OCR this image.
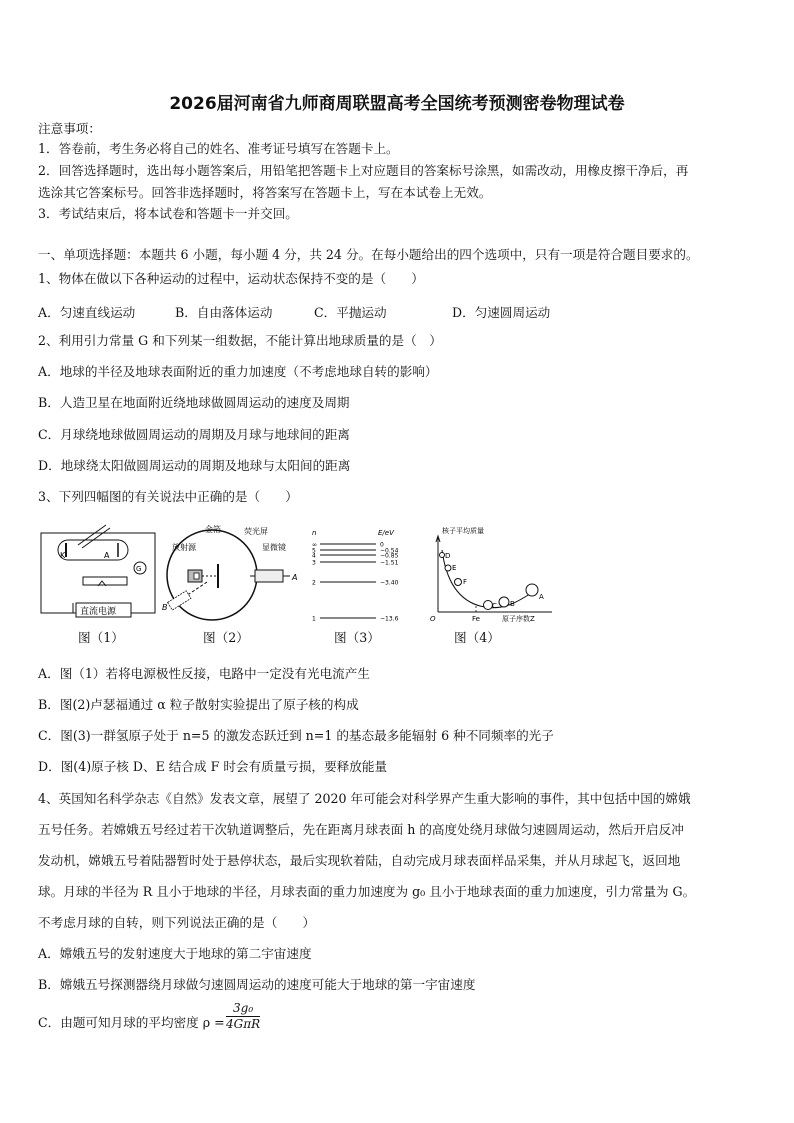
2026届河南省九师商周联盟高考全国统考预测密卷物理试卷
注意事项：
1．答卷前，考生务必将自己的姓名、准考证号填写在答题卡上。
2．回答选择题时，选出每小题答案后，用铅笔把答题卡上对应题目的答案标号涂黑，如需改动，用橡皮擦干净后，再
选涂其它答案标号。回答非选择题时，将答案写在答题卡上，写在本试卷上无效。
3．考试结束后，将本试卷和答题卡一并交回。
一、单项选择题：本题共 6 小题，每小题 4 分，共 24 分。在每小题给出的四个选项中，只有一项是符合题目要求的。
1、物体在做以下各种运动的过程中，运动状态保持不变的是（　　）
A．匀速直线运动	B．自由落体运动	C．平抛运动	D．匀速圆周运动
2、利用引力常量 G 和下列某一组数据，不能计算出地球质量的是（　）
A．地球的半径及地球表面附近的重力加速度（不考虑地球自转的影响）
B．人造卫星在地面附近绕地球做圆周运动的速度及周期
C．月球绕地球做圆周运动的周期及月球与地球间的距离
D．地球绕太阳做圆周运动的周期及地球与太阳间的距离
3、下列四幅图的有关说法中正确的是（　　）
K	A
G
直流电源
金箔	荧光屏
放射源	显微镜
A
B
n	E/eV
∞	0
5	−0.54
4	−0.85
3	−1.51
2	−3.40
1	−13.6
核子平均质量
O	Fe	原子序数Z
D
E
F
C B
A
图（1）	图（2）	图（3）	图（4）
A．图（1）若将电源极性反接，电路中一定没有光电流产生
B．图(2)卢瑟福通过 α 粒子散射实验提出了原子核的构成
C．图(3)一群氢原子处于 n=5 的激发态跃迁到 n=1 的基态最多能辐射 6 种不同频率的光子
D．图(4)原子核 D、E 结合成 F 时会有质量亏损，要释放能量
4、英国知名科学杂志《自然》发表文章，展望了 2020 年可能会对科学界产生重大影响的事件，其中包括中国的嫦娥
五号任务。若嫦娥五号经过若干次轨道调整后，先在距离月球表面 h 的高度处绕月球做匀速圆周运动，然后开启反冲
发动机，嫦娥五号着陆器暂时处于悬停状态，最后实现软着陆，自动完成月球表面样品采集，并从月球起飞，返回地
球。月球的半径为 R 且小于地球的半径，月球表面的重力加速度为 g₀ 且小于地球表面的重力加速度，引力常量为 G。
不考虑月球的自转，则下列说法正确的是（　　）
A．嫦娥五号的发射速度大于地球的第二宇宙速度
B．嫦娥五号探测器绕月球做匀速圆周运动的速度可能大于地球的第一宇宙速度
C．由题可知月球的平均密度 ρ =
3g₀
4GπR
